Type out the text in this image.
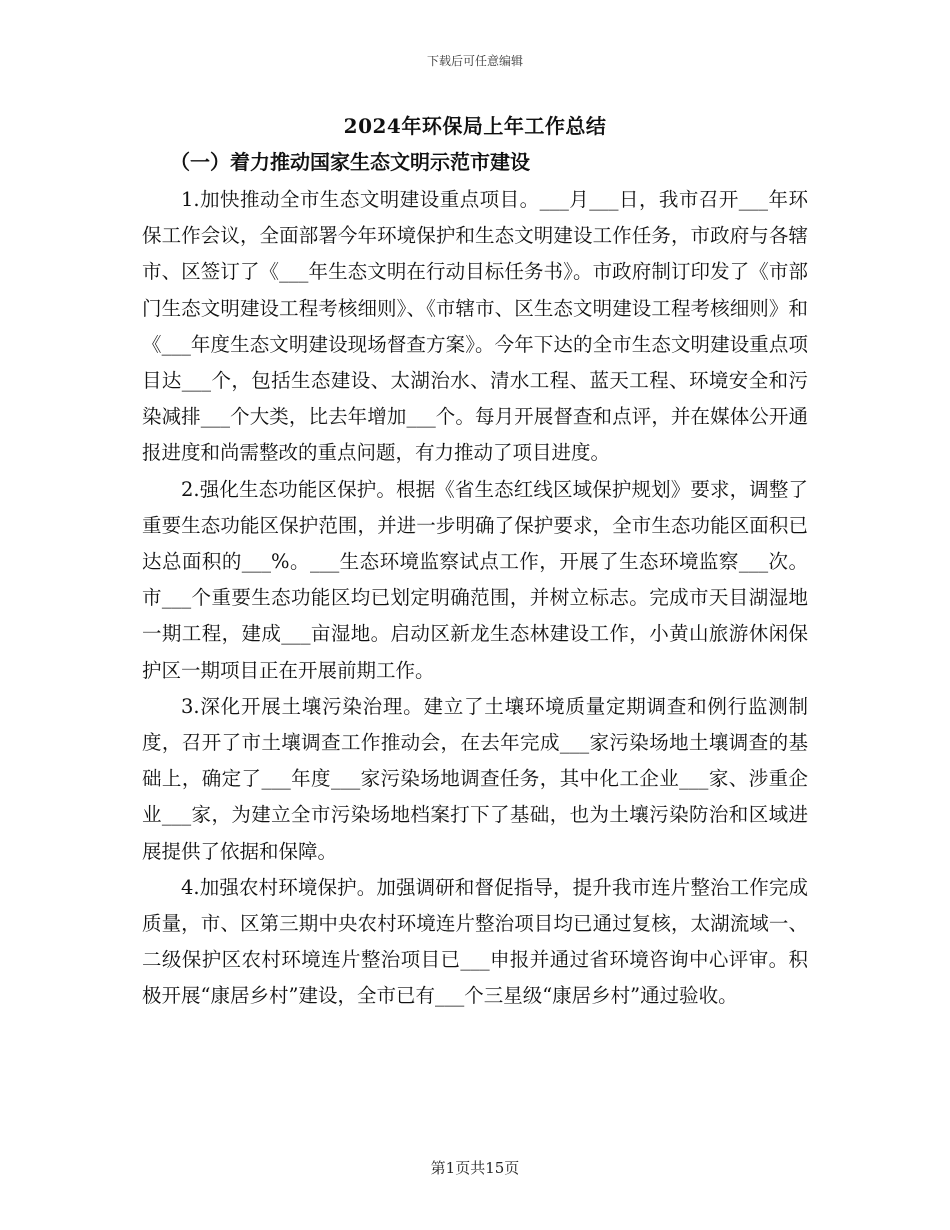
下载后可任意编辑
2024年环保局上年工作总结
（一）着力推动国家生态文明示范市建设

1.加快推动全市生态文明建设重点项目。___月___日，我市召开___年环保工作会议，全面部署今年环境保护和生态文明建设工作任务，市政府与各辖市、区签订了《___年生态文明在行动目标任务书》。市政府制订印发了《市部门生态文明建设工程考核细则》、《市辖市、区生态文明建设工程考核细则》和《___年度生态文明建设现场督查方案》。今年下达的全市生态文明建设重点项目达___个，包括生态建设、太湖治水、清水工程、蓝天工程、环境安全和污染减排___个大类，比去年增加___个。每月开展督查和点评，并在媒体公开通报进度和尚需整改的重点问题，有力推动了项目进度。

2.强化生态功能区保护。根据《省生态红线区域保护规划》要求，调整了重要生态功能区保护范围，并进一步明确了保护要求，全市生态功能区面积已达总面积的___%。___生态环境监察试点工作，开展了生态环境监察___次。市___个重要生态功能区均已划定明确范围，并树立标志。完成市天目湖湿地一期工程，建成___亩湿地。启动区新龙生态林建设工作，小黄山旅游休闲保护区一期项目正在开展前期工作。

3.深化开展土壤污染治理。建立了土壤环境质量定期调查和例行监测制度，召开了市土壤调查工作推动会，在去年完成___家污染场地土壤调查的基础上，确定了___年度___家污染场地调查任务，其中化工企业___家、涉重企业___家，为建立全市污染场地档案打下了基础，也为土壤污染防治和区域进展提供了依据和保障。

4.加强农村环境保护。加强调研和督促指导，提升我市连片整治工作完成质量，市、区第三期中央农村环境连片整治项目均已通过复核，太湖流域一、二级保护区农村环境连片整治项目已___申报并通过省环境咨询中心评审。积极开展“康居乡村”建设，全市已有___个三星级“康居乡村”通过验收。

第1页共15页
